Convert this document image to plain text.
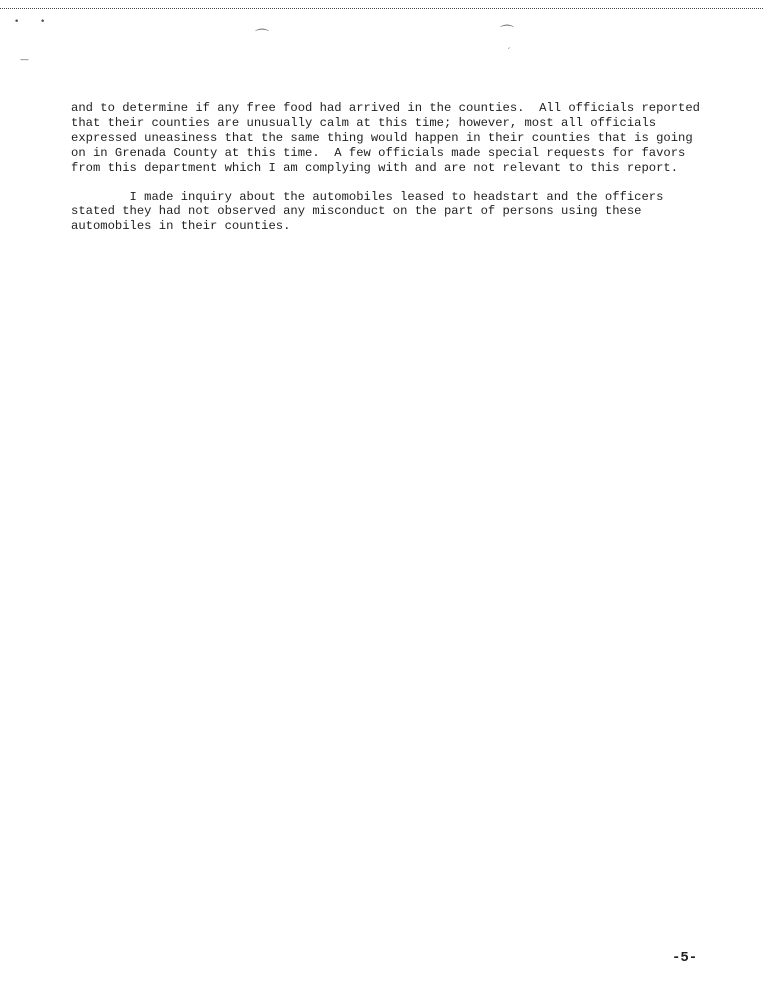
• •
—
⌒	⌒
′

and to determine if any free food had arrived in the counties.  All officials reported
that their counties are unusually calm at this time; however, most all officials
expressed uneasiness that the same thing would happen in their counties that is going
on in Grenada County at this time.  A few officials made special requests for favors
from this department which I am complying with and are not relevant to this report.

I made inquiry about the automobiles leased to headstart and the officers
stated they had not observed any misconduct on the part of persons using these
automobiles in their counties.

-5-
